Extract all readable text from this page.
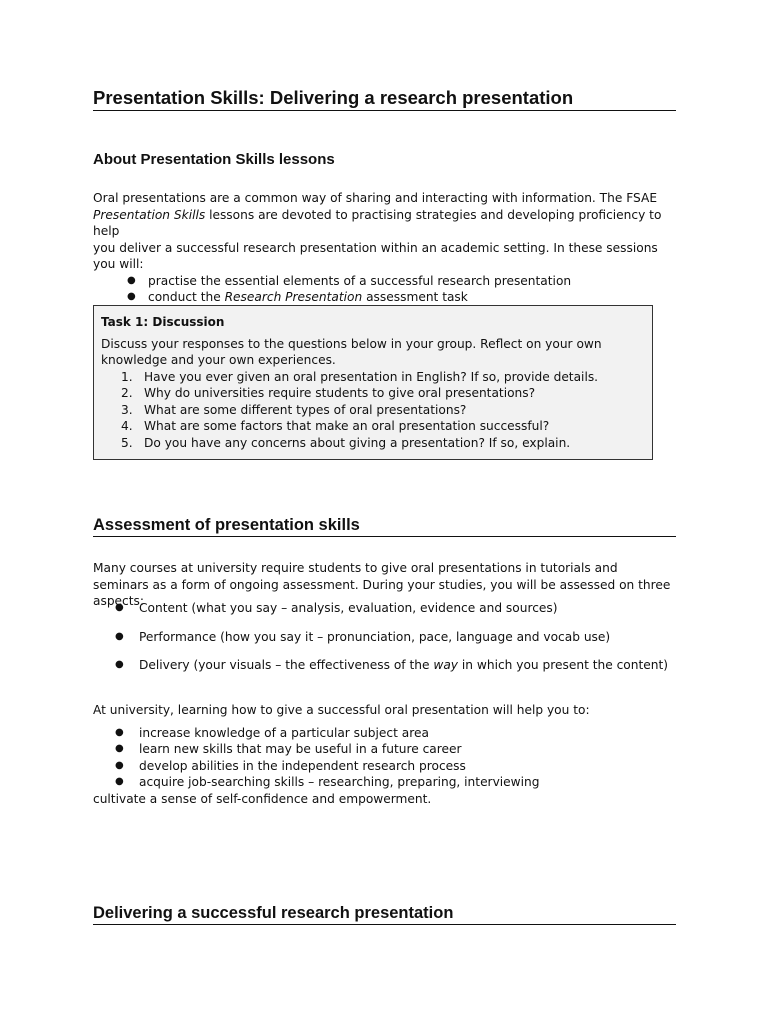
Presentation Skills: Delivering a research presentation
About Presentation Skills lessons
Oral presentations are a common way of sharing and interacting with information. The FSAE
Presentation Skills lessons are devoted to practising strategies and developing proficiency to help
you deliver a successful research presentation within an academic setting. In these sessions you will:
● practise the essential elements of a successful research presentation
● conduct the Research Presentation assessment task
Task 1: Discussion
Discuss your responses to the questions below in your group. Reflect on your own knowledge and your own experiences.
1. Have you ever given an oral presentation in English? If so, provide details.
2. Why do universities require students to give oral presentations?
3. What are some different types of oral presentations?
4. What are some factors that make an oral presentation successful?
5. Do you have any concerns about giving a presentation? If so, explain.
Assessment of presentation skills
Many courses at university require students to give oral presentations in tutorials and seminars as a form of ongoing assessment. During your studies, you will be assessed on three aspects:
● Content (what you say – analysis, evaluation, evidence and sources)
● Performance (how you say it – pronunciation, pace, language and vocab use)
● Delivery (your visuals – the effectiveness of the way in which you present the content)
At university, learning how to give a successful oral presentation will help you to:
● increase knowledge of a particular subject area
● learn new skills that may be useful in a future career
● develop abilities in the independent research process
● acquire job-searching skills – researching, preparing, interviewing
cultivate a sense of self-confidence and empowerment.
Delivering a successful research presentation
